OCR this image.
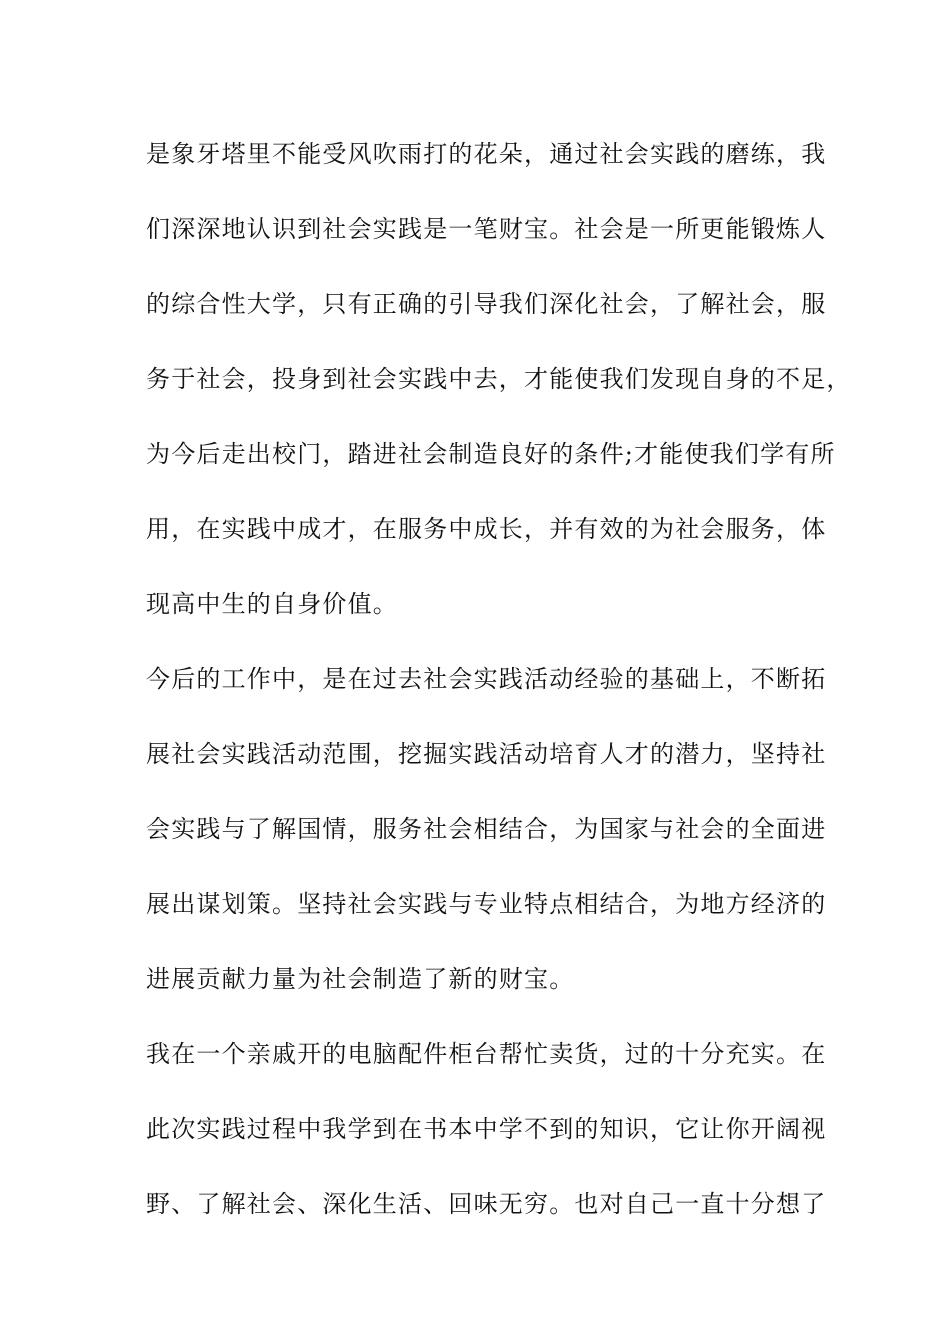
是象牙塔里不能受风吹雨打的花朵，通过社会实践的磨练，我
们深深地认识到社会实践是一笔财宝。社会是一所更能锻炼人
的综合性大学，只有正确的引导我们深化社会，了解社会，服
务于社会，投身到社会实践中去，才能使我们发现自身的不足，
为今后走出校门，踏进社会制造良好的条件;才能使我们学有所
用，在实践中成才，在服务中成长，并有效的为社会服务，体
现高中生的自身价值。
今后的工作中，是在过去社会实践活动经验的基础上，不断拓
展社会实践活动范围，挖掘实践活动培育人才的潜力，坚持社
会实践与了解国情，服务社会相结合，为国家与社会的全面进
展出谋划策。坚持社会实践与专业特点相结合，为地方经济的
进展贡献力量为社会制造了新的财宝。
我在一个亲戚开的电脑配件柜台帮忙卖货，过的十分充实。在
此次实践过程中我学到在书本中学不到的知识，它让你开阔视
野、了解社会、深化生活、回味无穷。也对自己一直十分想了
